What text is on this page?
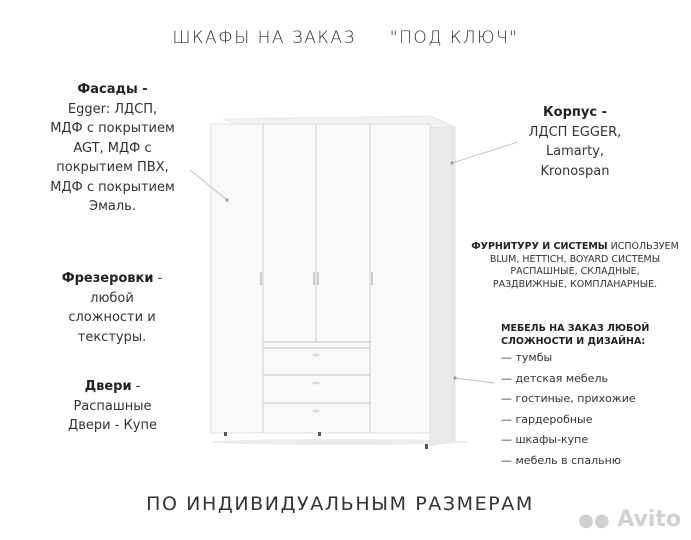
ШКАФЫ НА ЗАКАЗ "ПОД КЛЮЧ"
Фасады -
Egger: ЛДСП,
МДФ с покрытием
AGT, МДФ с
покрытием ПВХ,
МДФ с покрытием
Эмаль.
Фрезеровки -
любой
сложности и
текстуры.
Двери -
Распашные
Двери - Купе
Корпус -
ЛДСП EGGER,
Lamarty,
Kronospan
ФУРНИТУРУ И СИСТЕМЫ ИСПОЛЬЗУЕМ
BLUM, HETTICH, BOYARD СИСТЕМЫ
РАСПАШНЫЕ, СКЛАДНЫЕ,
РАЗДВИЖНЫЕ, КОМПЛАНАРНЫЕ.
МЕБЕЛЬ НА ЗАКАЗ ЛЮБОЙ
СЛОЖНОСТИ И ДИЗАЙНА:
— тумбы
— детская мебель
— гостиные, прихожие
— гардеробные
— шкафы-купе
— мебель в спальню
ПО ИНДИВИДУАЛЬНЫМ РАЗМЕРАМ
●● Avito
